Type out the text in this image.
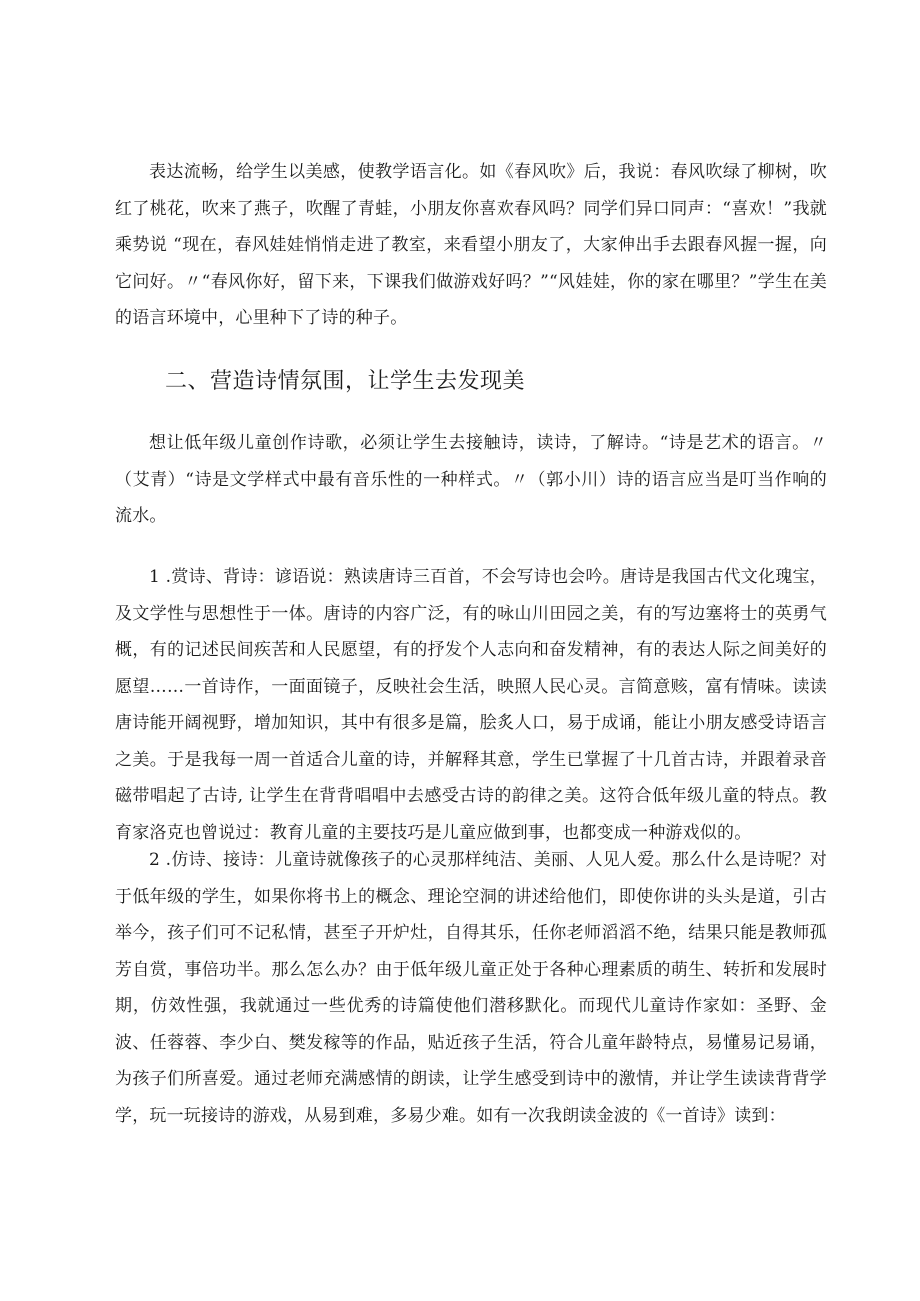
表达流畅，给学生以美感，使教学语言化。如《春风吹》后，我说：春风吹绿了柳树，吹红了桃花，吹来了燕子，吹醒了青蛙，小朋友你喜欢春风吗？同学们异口同声：“喜欢！”我就乘势说 “现在，春风娃娃悄悄走进了教室，来看望小朋友了，大家伸出手去跟春风握一握，向它问好。〃“春风你好，留下来，下课我们做游戏好吗？”“风娃娃，你的家在哪里？”学生在美的语言环境中，心里种下了诗的种子。

二、营造诗情氛围，让学生去发现美

想让低年级儿童创作诗歌，必须让学生去接触诗，读诗，了解诗。“诗是艺术的语言。〃（艾青）“诗是文学样式中最有音乐性的一种样式。〃（郭小川）诗的语言应当是叮当作响的流水。

1 .赏诗、背诗：谚语说：熟读唐诗三百首，不会写诗也会吟。唐诗是我国古代文化瑰宝，及文学性与思想性于一体。唐诗的内容广泛，有的咏山川田园之美，有的写边塞将士的英勇气概，有的记述民间疾苦和人民愿望，有的抒发个人志向和奋发精神，有的表达人际之间美好的愿望……一首诗作，一面面镜子，反映社会生活，映照人民心灵。言简意赅，富有情味。读读唐诗能开阔视野，增加知识，其中有很多是篇，脍炙人口，易于成诵，能让小朋友感受诗语言之美。于是我每一周一首适合儿童的诗，并解释其意，学生已掌握了十几首古诗，并跟着录音磁带唱起了古诗, 让学生在背背唱唱中去感受古诗的韵律之美。这符合低年级儿童的特点。教育家洛克也曾说过：教育儿童的主要技巧是儿童应做到事，也都变成一种游戏似的。

2 .仿诗、接诗：儿童诗就像孩子的心灵那样纯洁、美丽、人见人爱。那么什么是诗呢？对于低年级的学生，如果你将书上的概念、理论空洞的讲述给他们，即使你讲的头头是道，引古举今，孩子们可不记私情，甚至子开炉灶，自得其乐，任你老师滔滔不绝，结果只能是教师孤芳自赏，事倍功半。那么怎么办？由于低年级儿童正处于各种心理素质的萌生、转折和发展时期，仿效性强，我就通过一些优秀的诗篇使他们潜移默化。而现代儿童诗作家如：圣野、金波、任蓉蓉、李少白、樊发稼等的作品，贴近孩子生活，符合儿童年龄特点，易懂易记易诵，为孩子们所喜爱。通过老师充满感情的朗读，让学生感受到诗中的激情，并让学生读读背背学学，玩一玩接诗的游戏，从易到难，多易少难。如有一次我朗读金波的《一首诗》读到：
